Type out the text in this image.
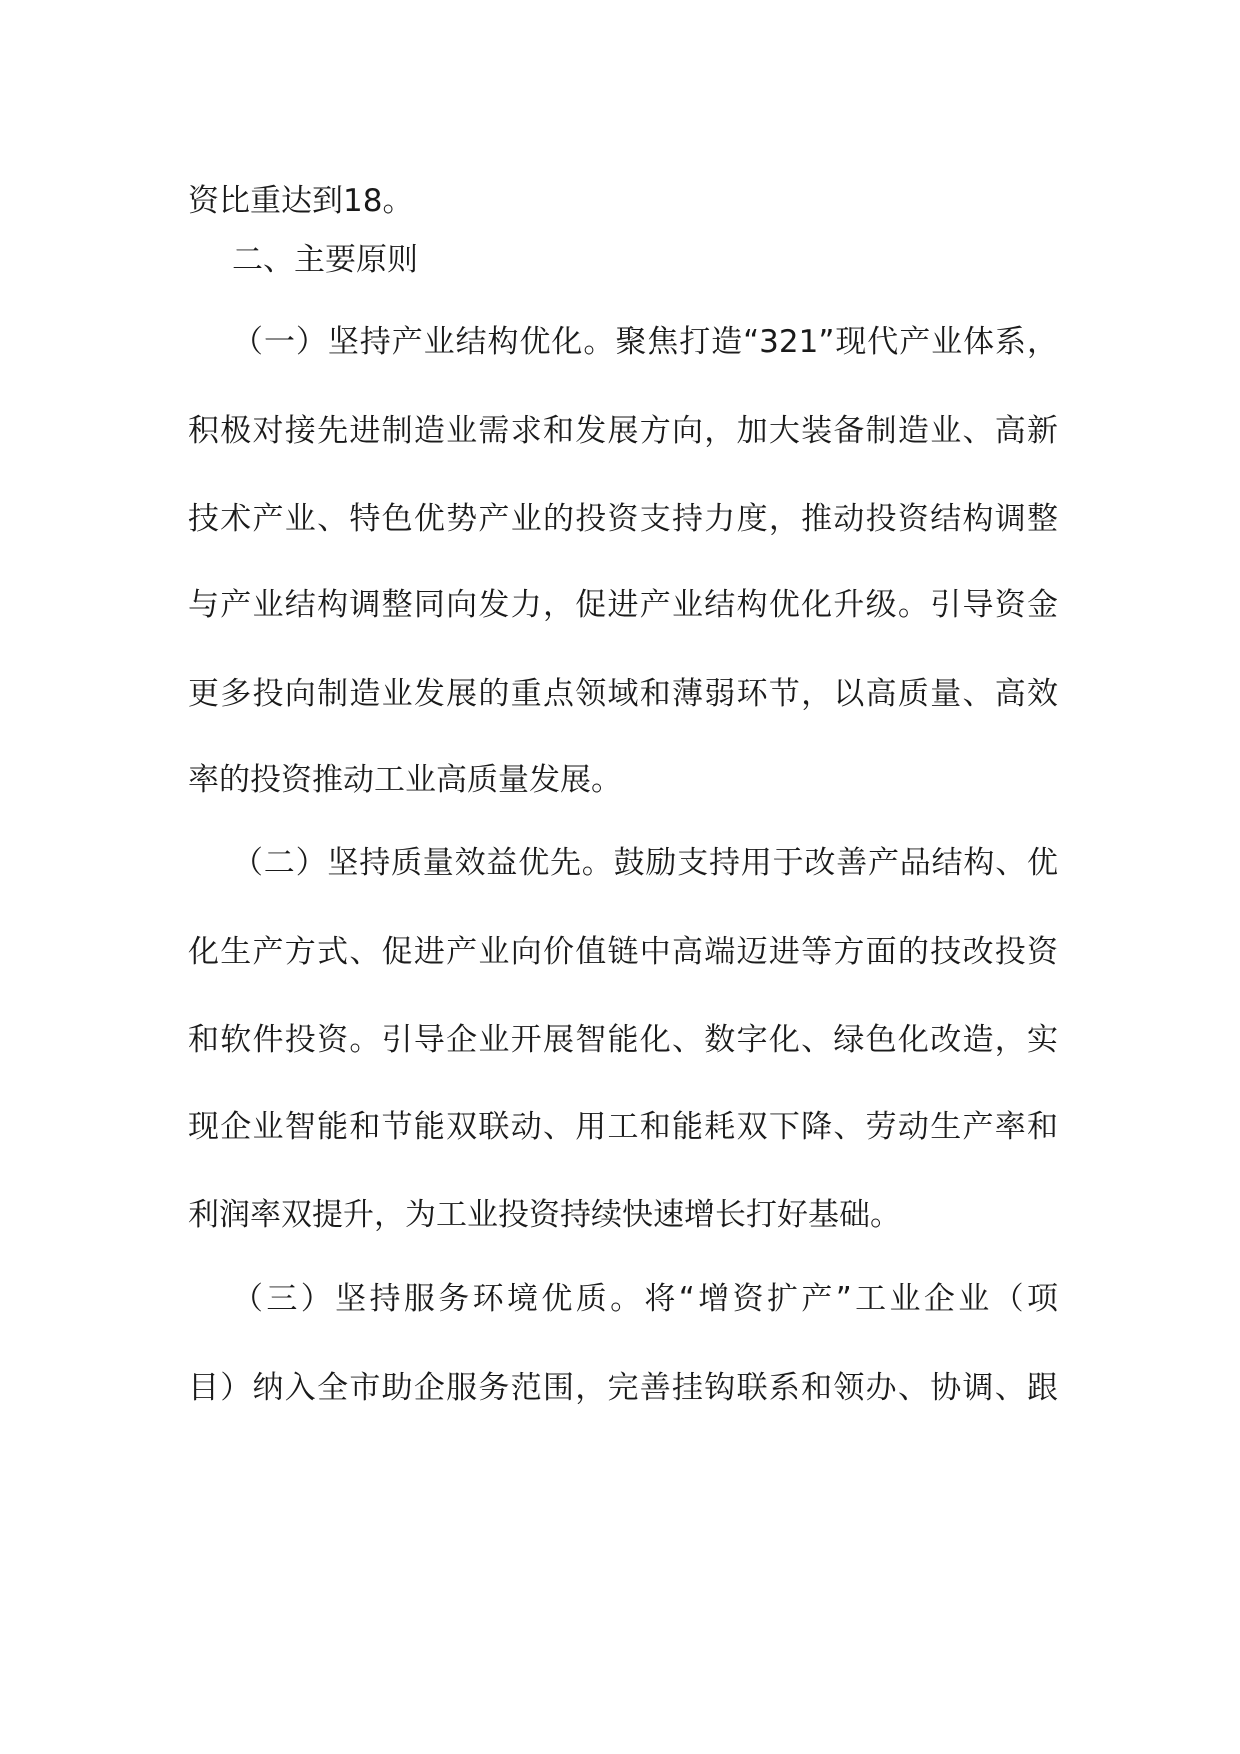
资比重达到18。
二、主要原则
（一）坚持产业结构优化。聚焦打造“321”现代产业体系，
积极对接先进制造业需求和发展方向，加大装备制造业、高新
技术产业、特色优势产业的投资支持力度，推动投资结构调整
与产业结构调整同向发力，促进产业结构优化升级。引导资金
更多投向制造业发展的重点领域和薄弱环节，以高质量、高效
率的投资推动工业高质量发展。
（二）坚持质量效益优先。鼓励支持用于改善产品结构、优
化生产方式、促进产业向价值链中高端迈进等方面的技改投资
和软件投资。引导企业开展智能化、数字化、绿色化改造，实
现企业智能和节能双联动、用工和能耗双下降、劳动生产率和
利润率双提升，为工业投资持续快速增长打好基础。
（三）坚持服务环境优质。将“增资扩产”工业企业（项
目）纳入全市助企服务范围，完善挂钩联系和领办、协调、跟
